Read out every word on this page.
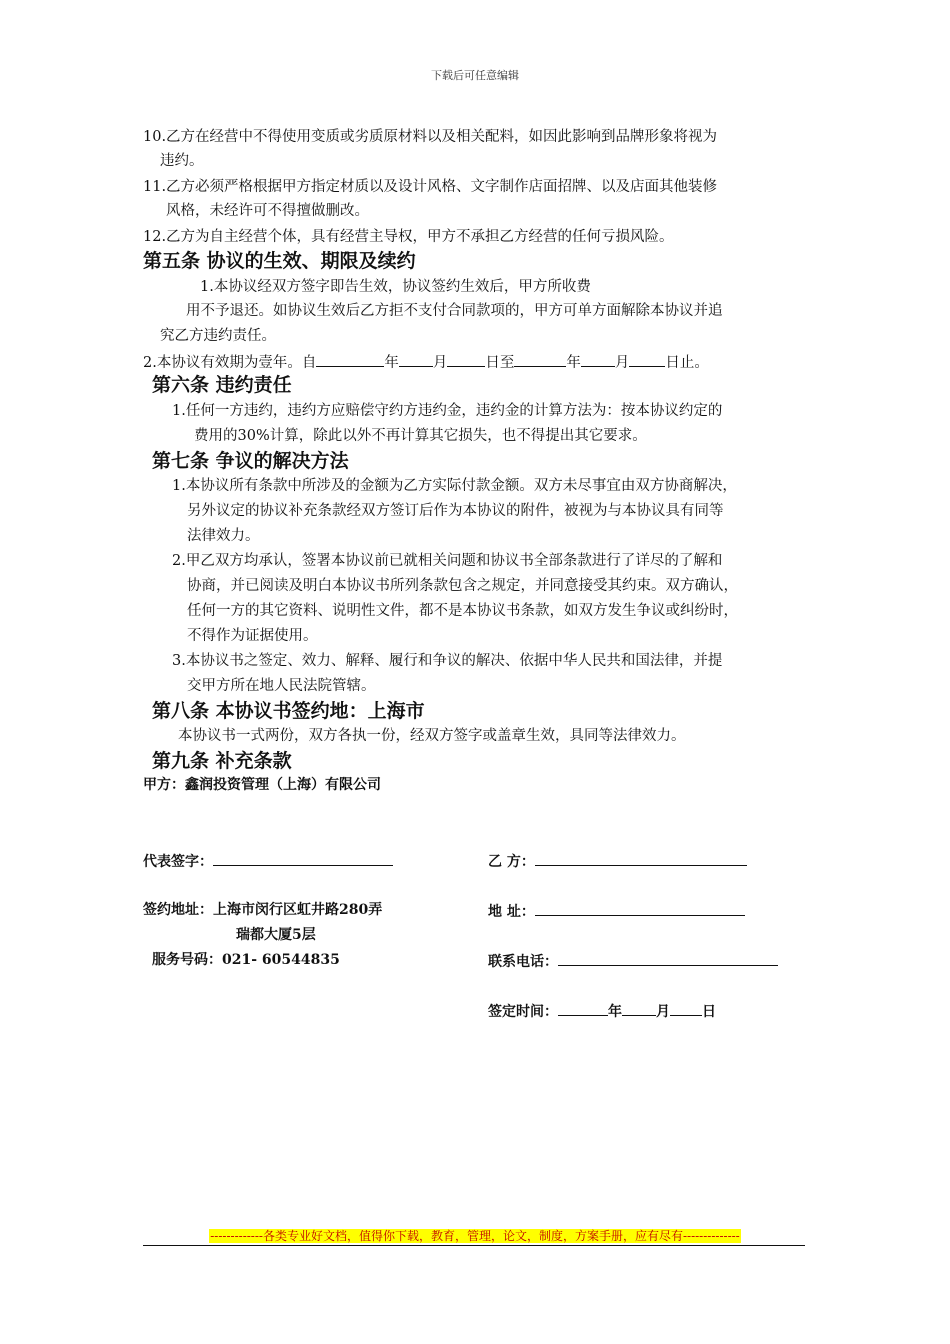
下载后可任意编辑
10.乙方在经营中不得使用变质或劣质原材料以及相关配料，如因此影响到品牌形象将视为
违约。
11.乙方必须严格根据甲方指定材质以及设计风格、文字制作店面招牌、以及店面其他装修
风格，未经许可不得擅做删改。
12.乙方为自主经营个体，具有经营主导权，甲方不承担乙方经营的任何亏损风险。
第五条 协议的生效、期限及续约
1.本协议经双方签字即告生效，协议签约生效后，甲方所收费
用不予退还。如协议生效后乙方拒不支付合同款项的，甲方可单方面解除本协议并追
究乙方违约责任。
2.本协议有效期为壹年。自	年 月	日至	年 月 日止。
第六条 违约责任
1.任何一方违约，违约方应赔偿守约方违约金，违约金的计算方法为：按本协议约定的
费用的30%计算，除此以外不再计算其它损失，也不得提出其它要求。
第七条 争议的解决方法
1.本协议所有条款中所涉及的金额为乙方实际付款金额。双方未尽事宜由双方协商解决，
另外议定的协议补充条款经双方签订后作为本协议的附件，被视为与本协议具有同等
法律效力。
2.甲乙双方均承认，签署本协议前已就相关问题和协议书全部条款进行了详尽的了解和
协商，并已阅读及明白本协议书所列条款包含之规定，并同意接受其约束。双方确认，
任何一方的其它资料、说明性文件，都不是本协议书条款，如双方发生争议或纠纷时，
不得作为证据使用。
3.本协议书之签定、效力、解释、履行和争议的解决、依据中华人民共和国法律，并提
交甲方所在地人民法院管辖。
第八条 本协议书签约地：上海市
本协议书一式两份，双方各执一份，经双方签字或盖章生效，具同等法律效力。
第九条 补充条款
甲方：鑫润投资管理（上海）有限公司
代表签字：	乙 方：
签约地址：上海市闵行区虹井路280弄
瑞都大厦5层
地 址：
服务号码：021- 60544835	联系电话：
签定时间：	年 月 日
-------------各类专业好文档，值得你下载，教育，管理，论文，制度，方案手册，应有尽有--------------
